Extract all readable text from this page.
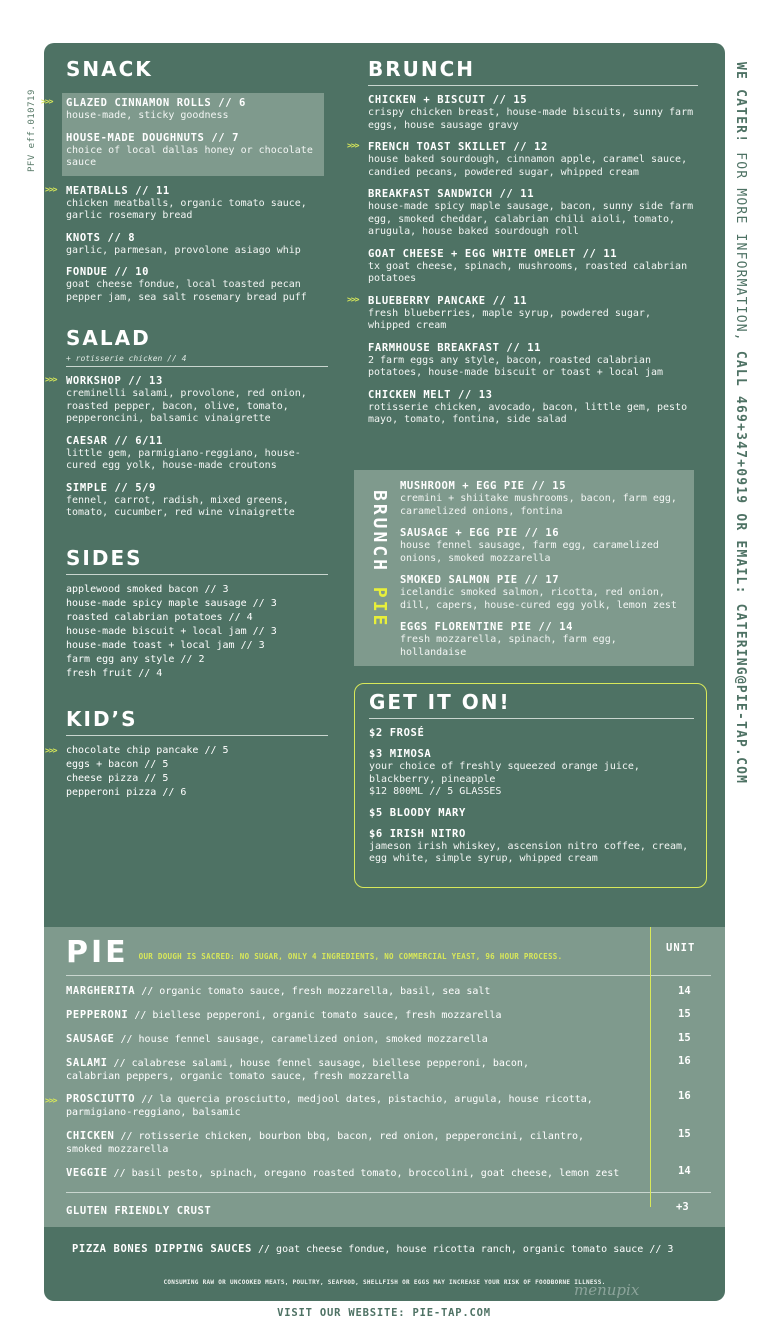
PFV eff.010719
SNACK
>>> GLAZED CINNAMON ROLLS // 6
house-made, sticky goodness
HOUSE-MADE DOUGHNUTS // 7
choice of local dallas honey or chocolate sauce
>>> MEATBALLS // 11
chicken meatballs, organic tomato sauce, garlic rosemary bread
KNOTS // 8
garlic, parmesan, provolone asiago whip
FONDUE // 10
goat cheese fondue, local toasted pecan pepper jam, sea salt rosemary bread puff
SALAD
+ rotisserie chicken // 4
>>> WORKSHOP // 13
creminelli salami, provolone, red onion, roasted pepper, bacon, olive, tomato, pepperoncini, balsamic vinaigrette
CAESAR // 6/11
little gem, parmigiano-reggiano, house-cured egg yolk, house-made croutons
SIMPLE // 5/9
fennel, carrot, radish, mixed greens, tomato, cucumber, red wine vinaigrette
SIDES
applewood smoked bacon // 3
house-made spicy maple sausage // 3
roasted calabrian potatoes // 4
house-made biscuit + local jam // 3
house-made toast + local jam // 3
farm egg any style // 2
fresh fruit // 4
KID’S
>>> chocolate chip pancake // 5
eggs + bacon // 5
cheese pizza // 5
pepperoni pizza // 6
BRUNCH
CHICKEN + BISCUIT // 15
crispy chicken breast, house-made biscuits, sunny farm eggs, house sausage gravy
>>> FRENCH TOAST SKILLET // 12
house baked sourdough, cinnamon apple, caramel sauce, candied pecans, powdered sugar, whipped cream
BREAKFAST SANDWICH // 11
house-made spicy maple sausage, bacon, sunny side farm egg, smoked cheddar, calabrian chili aioli, tomato, arugula, house baked sourdough roll
GOAT CHEESE + EGG WHITE OMELET // 11
tx goat cheese, spinach, mushrooms, roasted calabrian potatoes
>>> BLUEBERRY PANCAKE // 11
fresh blueberries, maple syrup, powdered sugar, whipped cream
FARMHOUSE BREAKFAST // 11
2 farm eggs any style, bacon, roasted calabrian potatoes, house-made biscuit or toast + local jam
CHICKEN MELT // 13
rotisserie chicken, avocado, bacon, little gem, pesto mayo, tomato, fontina, side salad
BRUNCH PIE
MUSHROOM + EGG PIE // 15
cremini + shiitake mushrooms, bacon, farm egg, caramelized onions, fontina
SAUSAGE + EGG PIE // 16
house fennel sausage, farm egg, caramelized onions, smoked mozzarella
SMOKED SALMON PIE // 17
icelandic smoked salmon, ricotta, red onion, dill, capers, house-cured egg yolk, lemon zest
EGGS FLORENTINE PIE // 14
fresh mozzarella, spinach, farm egg, hollandaise
GET IT ON!
$2 FROSÉ
$3 MIMOSA
your choice of freshly squeezed orange juice, blackberry, pineapple
$12 800ML // 5 GLASSES
$5 BLOODY MARY
$6 IRISH NITRO
jameson irish whiskey, ascension nitro coffee, cream, egg white, simple syrup, whipped cream
PIE OUR DOUGH IS SACRED: NO SUGAR, ONLY 4 INGREDIENTS, NO COMMERCIAL YEAST, 96 HOUR PROCESS.
UNIT
MARGHERITA // organic tomato sauce, fresh mozzarella, basil, sea salt	14
PEPPERONI // biellese pepperoni, organic tomato sauce, fresh mozzarella	15
SAUSAGE // house fennel sausage, caramelized onion, smoked mozzarella	15
SALAMI // calabrese salami, house fennel sausage, biellese pepperoni, bacon, calabrian peppers, organic tomato sauce, fresh mozzarella
16
>>> PROSCIUTTO // la quercia prosciutto, medjool dates, pistachio, arugula, house ricotta, parmigiano-reggiano, balsamic
16
CHICKEN // rotisserie chicken, bourbon bbq, bacon, red onion, pepperoncini, cilantro, smoked mozzarella
15
VEGGIE // basil pesto, spinach, oregano roasted tomato, broccolini, goat cheese, lemon zest	14
GLUTEN FRIENDLY CRUST	+3
PIZZA BONES DIPPING SAUCES // goat cheese fondue, house ricotta ranch, organic tomato sauce // 3
menupix
CONSUMING RAW OR UNCOOKED MEATS, POULTRY, SEAFOOD, SHELLFISH OR EGGS MAY INCREASE YOUR RISK OF FOODBORNE ILLNESS.
VISIT OUR WEBSITE: PIE-TAP.COM
WE CATER! FOR MORE INFORMATION, CALL 469+347+0919 OR EMAIL: CATERING@PIE-TAP.COM
